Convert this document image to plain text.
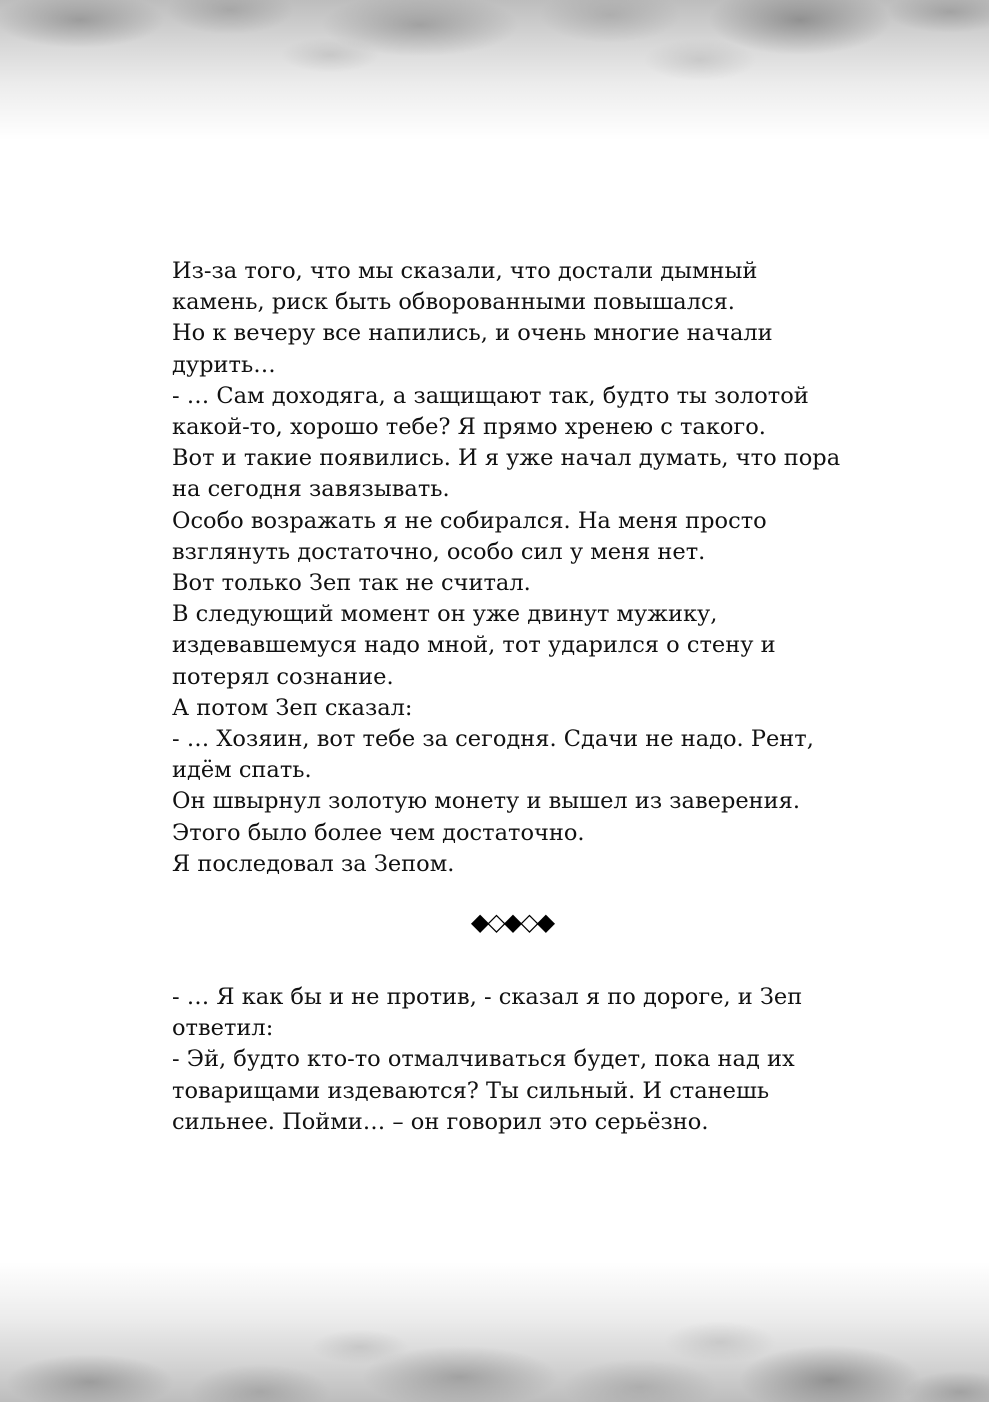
Из-за того, что мы сказали, что достали дымный камень, риск быть обворованными повышался.

Но к вечеру все напились, и очень многие начали дурить…

- … Сам доходяга, а защищают так, будто ты золотой какой-то, хорошо тебе? Я прямо хренею с такого.

Вот и такие появились. И я уже начал думать, что пора на сегодня завязывать.

Особо возражать я не собирался. На меня просто взглянуть достаточно, особо сил у меня нет.

Вот только Зеп так не считал.

В следующий момент он уже двинут мужику, издевавшемуся надо мной, тот ударился о стену и потерял сознание.

А потом Зеп сказал:

- … Хозяин, вот тебе за сегодня. Сдачи не надо. Рент, идём спать.

Он швырнул золотую монету и вышел из заверения.

Этого было более чем достаточно.

Я последовал за Зепом.

◆◇◆◇◆

- … Я как бы и не против, - сказал я по дороге, и Зеп ответил:

- Эй, будто кто-то отмалчиваться будет, пока над их товарищами издеваются? Ты сильный. И станешь сильнее. Пойми… – он говорил это серьёзно.
